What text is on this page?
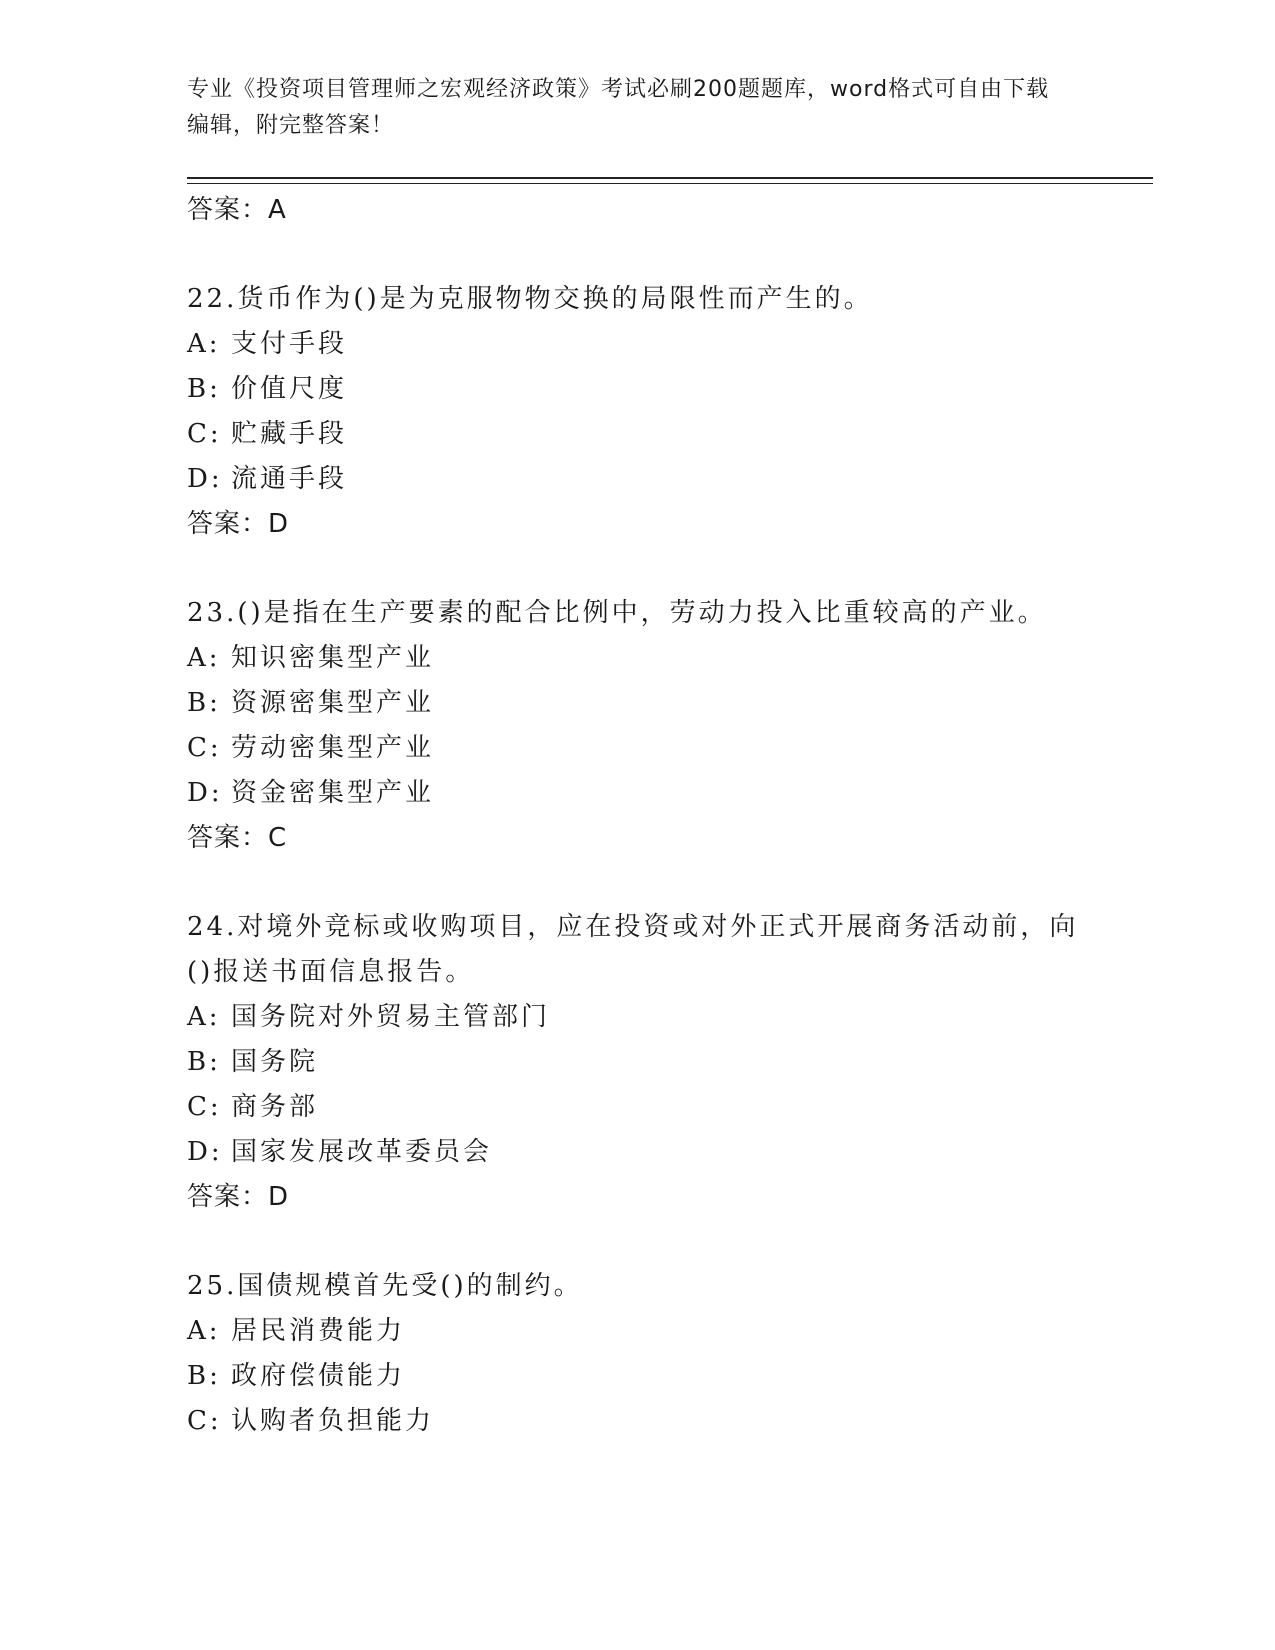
专业《投资项目管理师之宏观经济政策》考试必刷200题题库，word格式可自由下载编辑，附完整答案！
答案：A
22.货币作为()是为克服物物交换的局限性而产生的。
A: 支付手段
B: 价值尺度
C: 贮藏手段
D: 流通手段
答案：D
23.()是指在生产要素的配合比例中，劳动力投入比重较高的产业。
A: 知识密集型产业
B: 资源密集型产业
C: 劳动密集型产业
D: 资金密集型产业
答案：C
24.对境外竞标或收购项目，应在投资或对外正式开展商务活动前，向()报送书面信息报告。
A: 国务院对外贸易主管部门
B: 国务院
C: 商务部
D: 国家发展改革委员会
答案：D
25.国债规模首先受()的制约。
A: 居民消费能力
B: 政府偿债能力
C: 认购者负担能力
